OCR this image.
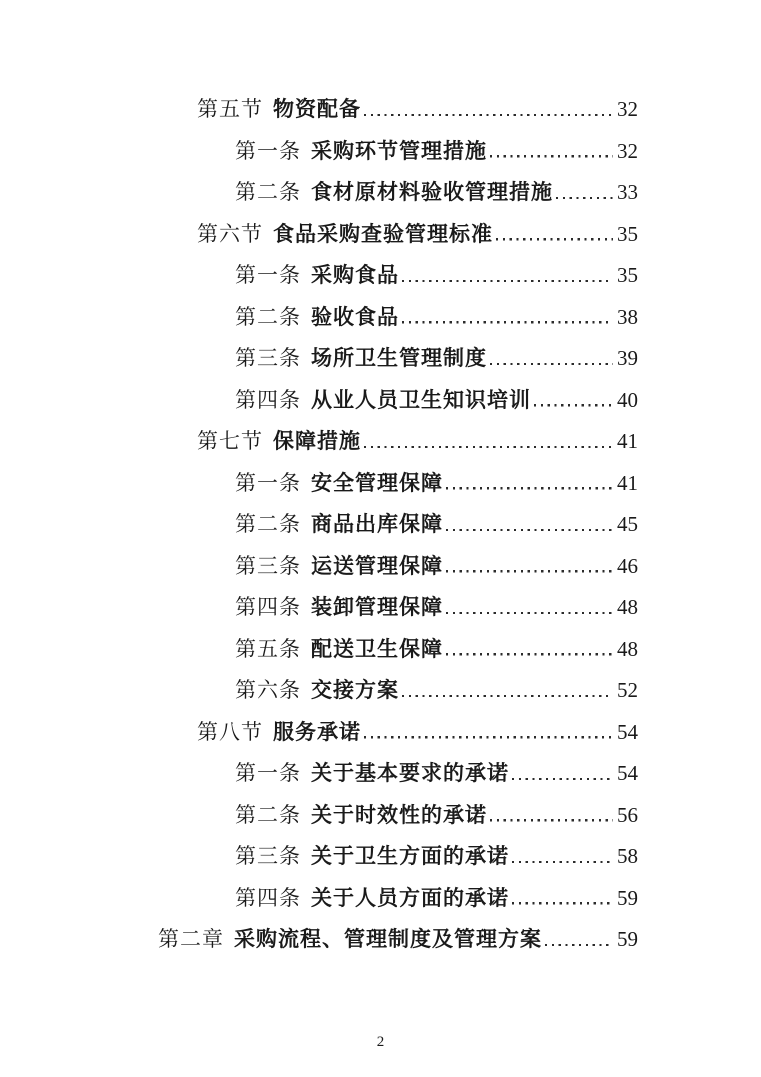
第五节 物资配备	32
第一条 采购环节管理措施	32
第二条 食材原材料验收管理措施	33
第六节 食品采购查验管理标准	35
第一条 采购食品	35
第二条 验收食品	38
第三条 场所卫生管理制度	39
第四条 从业人员卫生知识培训	40
第七节 保障措施	41
第一条 安全管理保障	41
第二条 商品出库保障	45
第三条 运送管理保障	46
第四条 装卸管理保障	48
第五条 配送卫生保障	48
第六条 交接方案	52
第八节 服务承诺	54
第一条 关于基本要求的承诺	54
第二条 关于时效性的承诺	56
第三条 关于卫生方面的承诺	58
第四条 关于人员方面的承诺	59
第二章 采购流程、管理制度及管理方案	59
2
